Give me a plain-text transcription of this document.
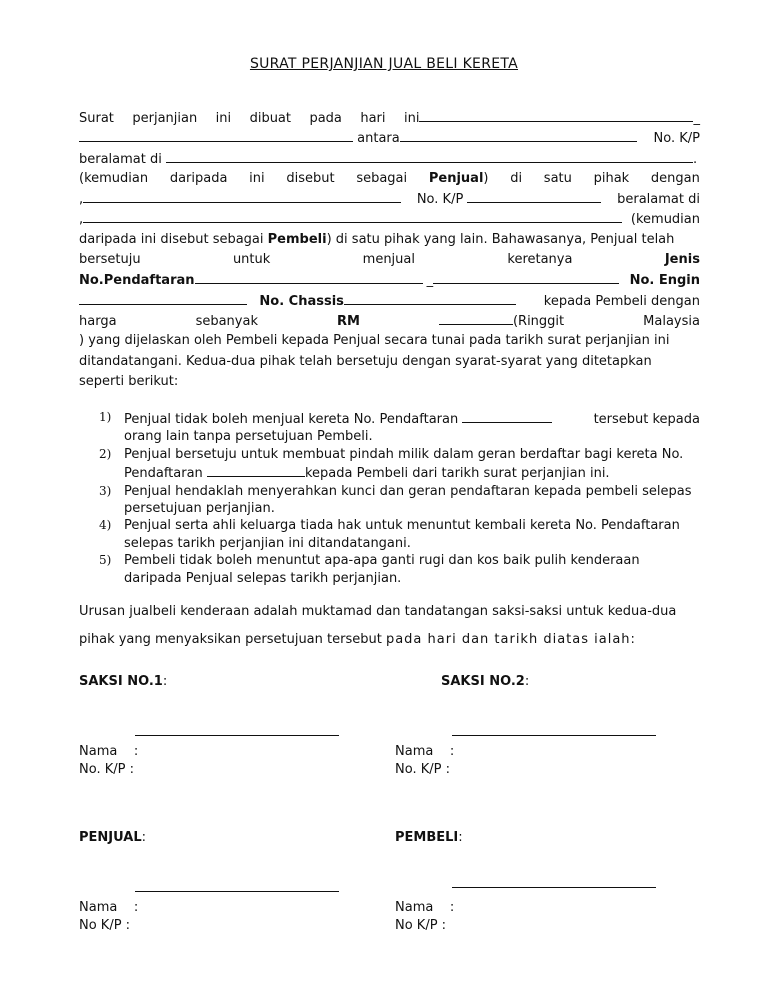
SURAT PERJANJIAN JUAL BELI KERETA
Surat perjanjian ini dibuat pada hari ini	_
antara	No. K/P
beralamat di	.
(kemudian daripada ini disebut sebagai Penjual) di satu pihak dengan
,	No. K/P	beralamat di
,	(kemudian
daripada ini disebut sebagai Pembeli) di satu pihak yang lain. Bahawasanya, Penjual telah
bersetuju	untuk	menjual	keretanya	Jenis
No.Pendaftaran	_	No. Engin
No. Chassis	kepada Pembeli dengan
harga	sebanyak	RM	(Ringgit	Malaysia
) yang dijelaskan oleh Pembeli kepada Penjual secara tunai pada tarikh surat perjanjian ini
ditandatangani. Kedua-dua pihak telah bersetuju dengan syarat-syarat yang ditetapkan
seperti berikut:
1) Penjual tidak boleh menjual kereta No. Pendaftaran	tersebut kepada
orang lain tanpa persetujuan Pembeli.
2) Penjual bersetuju untuk membuat pindah milik dalam geran berdaftar bagi kereta No.
Pendaftaran	kepada Pembeli dari tarikh surat perjanjian ini.
3) Penjual hendaklah menyerahkan kunci dan geran pendaftaran kepada pembeli selepas
persetujuan perjanjian.
4) Penjual serta ahli keluarga tiada hak untuk menuntut kembali kereta No. Pendaftaran
selepas tarikh perjanjian ini ditandatangani.
5) Pembeli tidak boleh menuntut apa-apa ganti rugi dan kos baik pulih kenderaan
daripada Penjual selepas tarikh perjanjian.
Urusan jualbeli kenderaan adalah muktamad dan tandatangan saksi-saksi untuk kedua-dua
pihak yang menyaksikan persetujuan tersebut pada hari dan tarikh diatas ialah:
SAKSI NO.1:
Nama    :
No. K/P :
SAKSI NO.2:
Nama    :
No. K/P :
PENJUAL:
Nama    :
No K/P :
PEMBELI:
Nama    :
No K/P :
